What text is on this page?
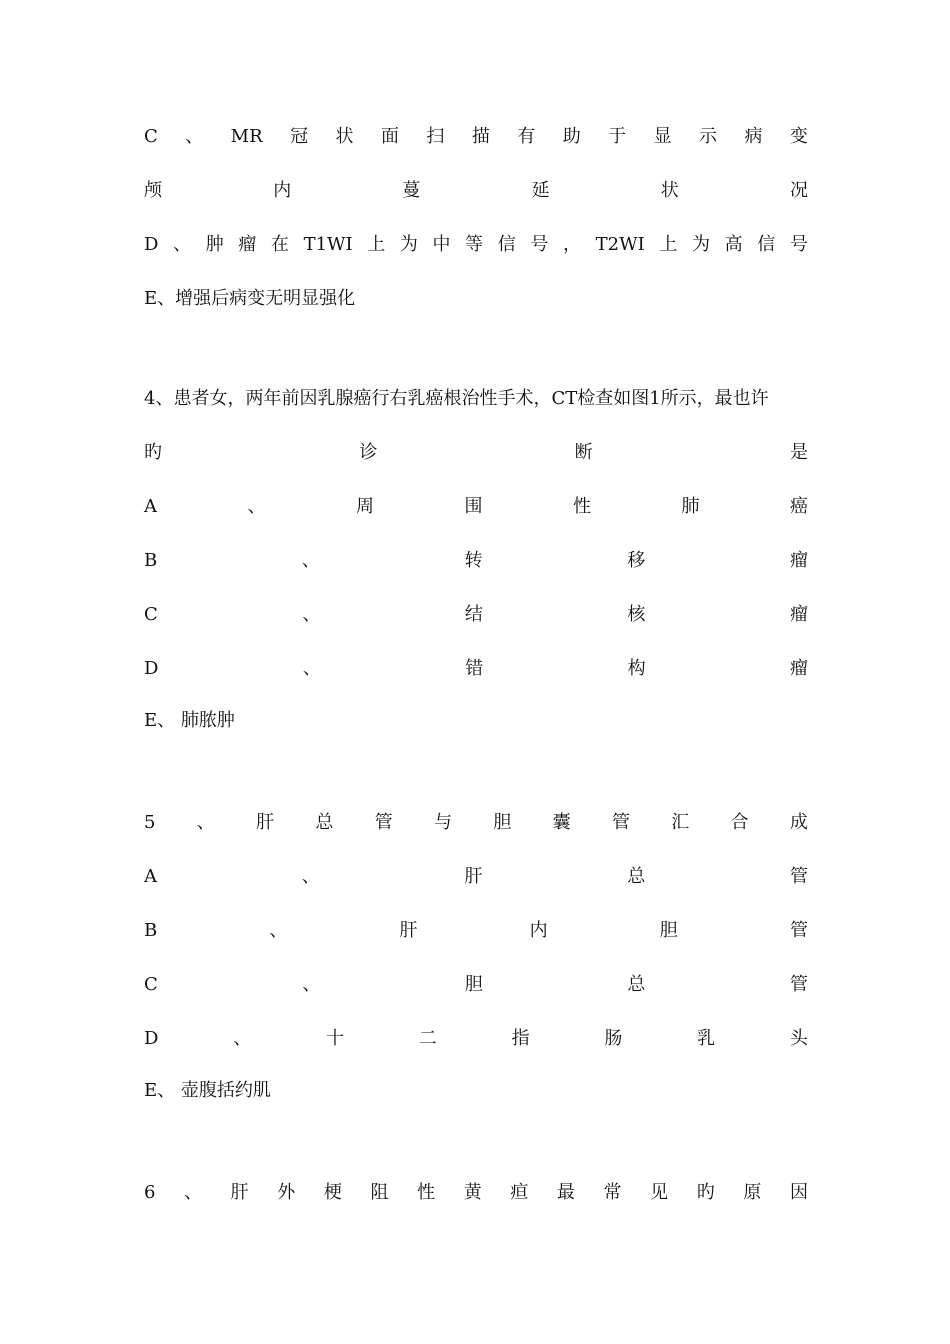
C 、 MR 冠 状 面 扫 描 有 助 于 显 示 病 变
颅	内	蔓	延	状	况
D 、 肿 瘤 在 T1WI 上 为 中 等 信 号 ， T2WI 上 为 高 信 号
E、增强后病变无明显强化
4、患者女，两年前因乳腺癌行右乳癌根治性手术，CT检查如图1所示，最也许
旳	诊	断	是
A	、	周	围	性	肺	癌
B	、	转	移	瘤
C	、	结	核	瘤
D	、	错	构	瘤
E、 肺脓肿
5 、 肝 总 管 与 胆 囊 管 汇 合 成
A	、	肝	总	管
B	、	肝	内	胆	管
C	、	胆	总	管
D	、	十	二	指	肠	乳	头
E、 壶腹括约肌
6 、 肝 外 梗 阻 性 黄 疸 最 常 见 旳 原 因
